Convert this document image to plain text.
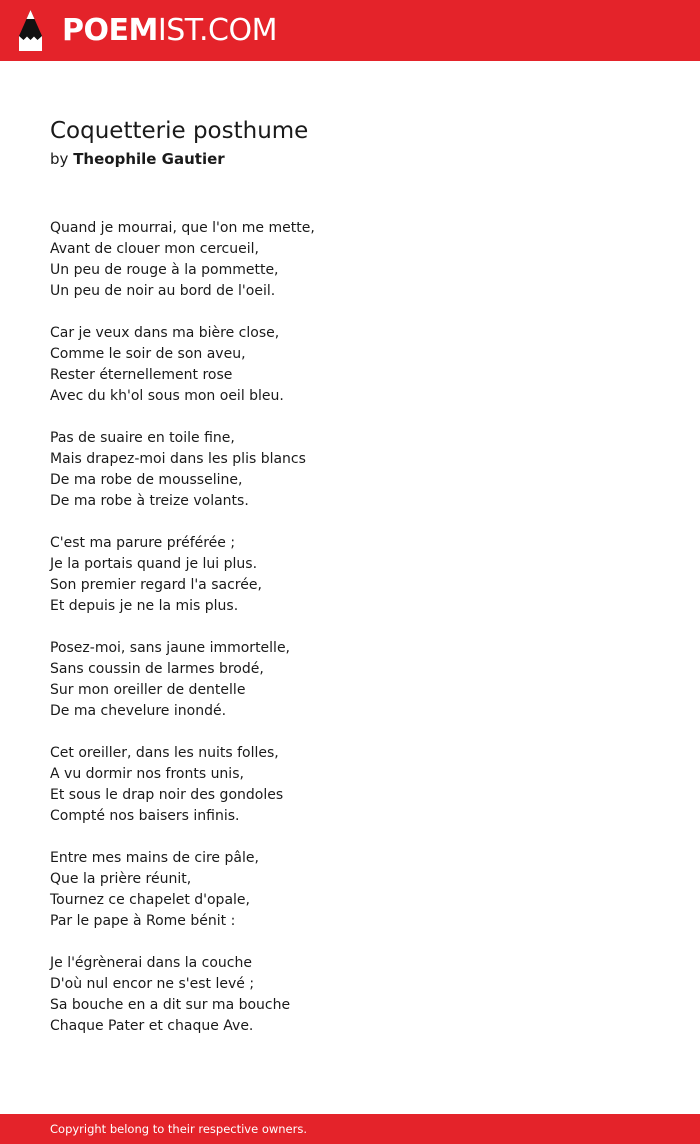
POEMIST.COM
Coquetterie posthume
by Theophile Gautier
Quand je mourrai, que l'on me mette,
Avant de clouer mon cercueil,
Un peu de rouge à la pommette,
Un peu de noir au bord de l'oeil.
Car je veux dans ma bière close,
Comme le soir de son aveu,
Rester éternellement rose
Avec du kh'ol sous mon oeil bleu.
Pas de suaire en toile fine,
Mais drapez-moi dans les plis blancs
De ma robe de mousseline,
De ma robe à treize volants.
C'est ma parure préférée ;
Je la portais quand je lui plus.
Son premier regard l'a sacrée,
Et depuis je ne la mis plus.
Posez-moi, sans jaune immortelle,
Sans coussin de larmes brodé,
Sur mon oreiller de dentelle
De ma chevelure inondé.
Cet oreiller, dans les nuits folles,
A vu dormir nos fronts unis,
Et sous le drap noir des gondoles
Compté nos baisers infinis.
Entre mes mains de cire pâle,
Que la prière réunit,
Tournez ce chapelet d'opale,
Par le pape à Rome bénit :
Je l'égrènerai dans la couche
D'où nul encor ne s'est levé ;
Sa bouche en a dit sur ma bouche
Chaque Pater et chaque Ave.
Copyright belong to their respective owners.
